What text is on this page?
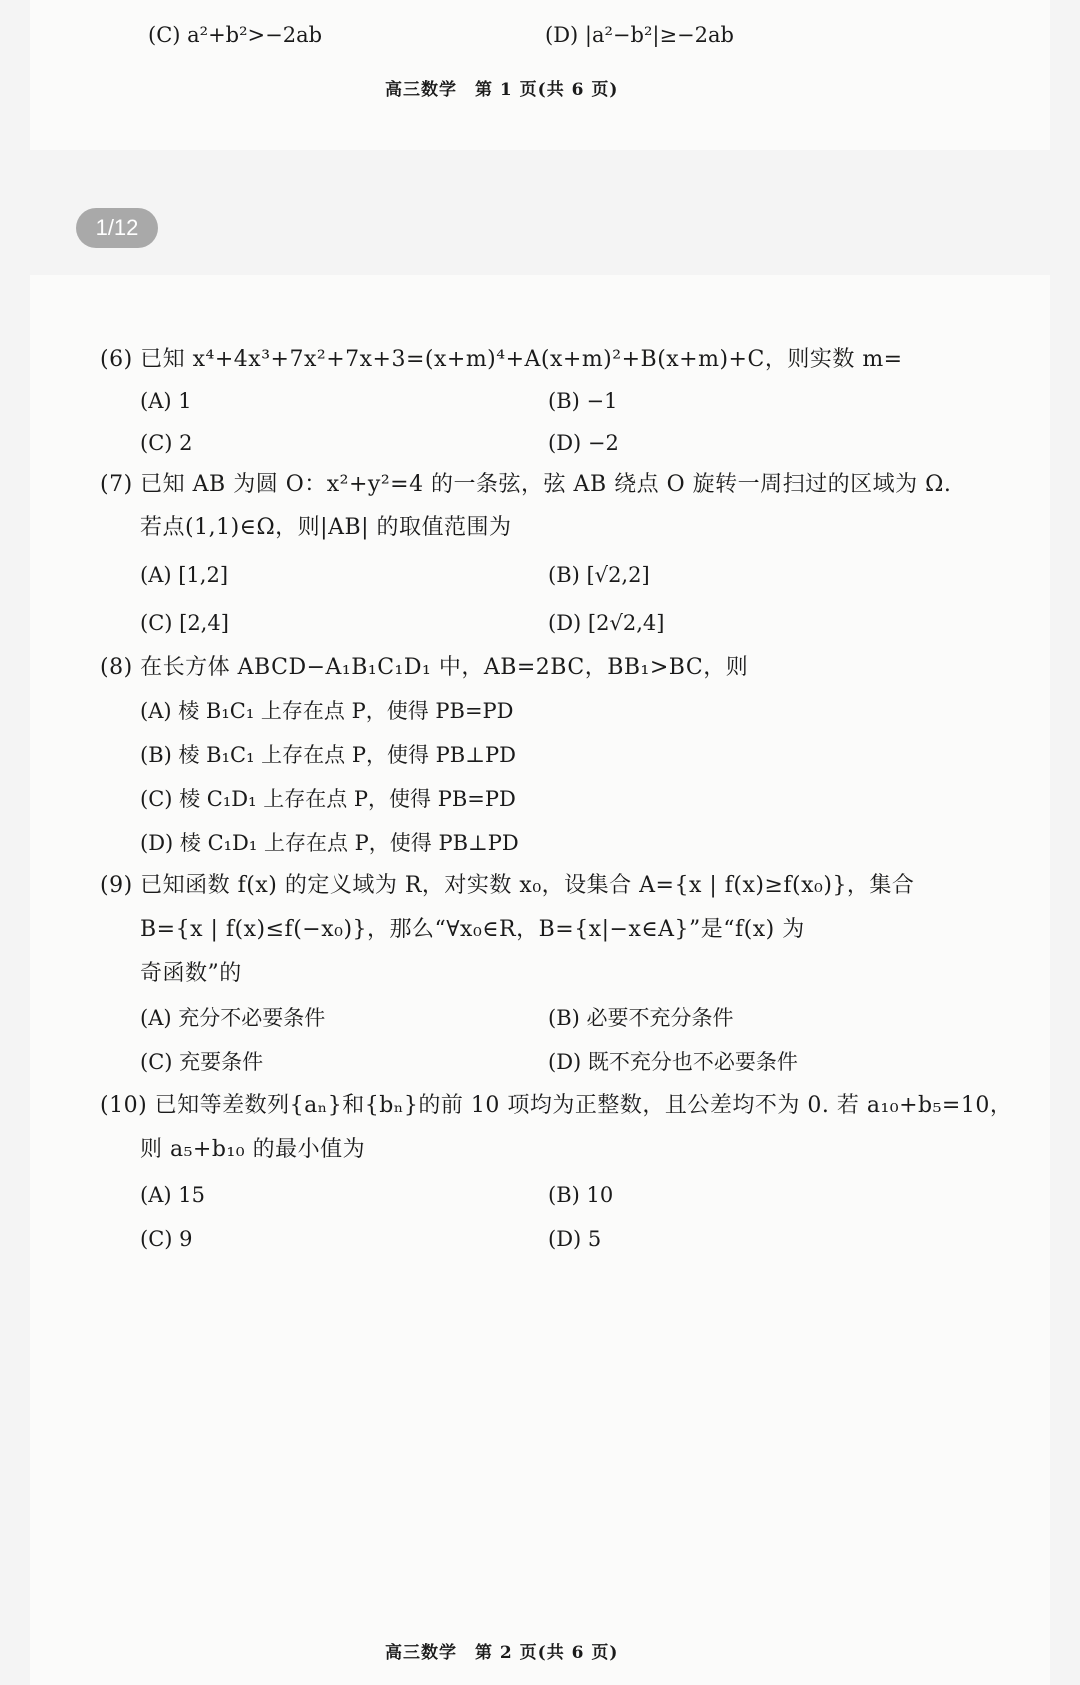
(C) a²+b²>−2ab	(D) |a²−b²|≥−2ab
高三数学　第 1 页(共 6 页)
1/12
(6) 已知 x⁴+4x³+7x²+7x+3=(x+m)⁴+A(x+m)²+B(x+m)+C，则实数 m=
(A) 1	(B) −1
(C) 2	(D) −2
(7) 已知 AB 为圆 O：x²+y²=4 的一条弦，弦 AB 绕点 O 旋转一周扫过的区域为 Ω.
若点(1,1)∈Ω，则|AB| 的取值范围为
(A) [1,2]	(B) [√2,2]
(C) [2,4]	(D) [2√2,4]
(8) 在长方体 ABCD−A₁B₁C₁D₁ 中，AB=2BC，BB₁>BC，则
(A) 棱 B₁C₁ 上存在点 P，使得 PB=PD
(B) 棱 B₁C₁ 上存在点 P，使得 PB⊥PD
(C) 棱 C₁D₁ 上存在点 P，使得 PB=PD
(D) 棱 C₁D₁ 上存在点 P，使得 PB⊥PD
(9) 已知函数 f(x) 的定义域为 R，对实数 x₀，设集合 A={x | f(x)≥f(x₀)}，集合
B={x | f(x)≤f(−x₀)}，那么“∀x₀∈R，B={x|−x∈A}”是“f(x) 为
奇函数”的
(A) 充分不必要条件	(B) 必要不充分条件
(C) 充要条件	(D) 既不充分也不必要条件
(10) 已知等差数列{aₙ}和{bₙ}的前 10 项均为正整数，且公差均不为 0. 若 a₁₀+b₅=10，
则 a₅+b₁₀ 的最小值为
(A) 15	(B) 10
(C) 9	(D) 5
高三数学　第 2 页(共 6 页)
